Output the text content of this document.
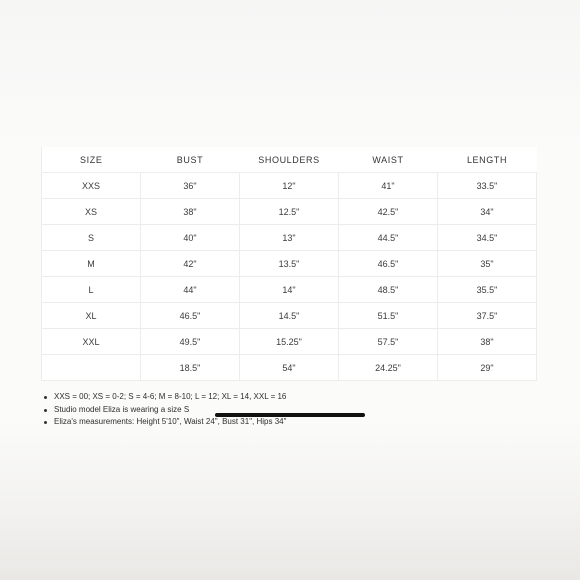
SIZE	BUST	SHOULDERS	WAIST	LENGTH
XXS	36"	12"	41"	33.5"
XS	38"	12.5"	42.5"	34"
S	40"	13"	44.5"	34.5"
M	42"	13.5"	46.5"	35"
L	44"	14"	48.5"	35.5"
XL	46.5"	14.5"	51.5"	37.5"
XXL	49.5"	15.25"	57.5"	38"
	18.5"	54"	24.25"	29"
XXS = 00; XS = 0-2; S = 4-6; M = 8-10; L = 12; XL = 14, XXL = 16
Studio model Eliza is wearing a size S
Eliza's measurements: Height 5'10", Waist 24", Bust 31", Hips 34"
